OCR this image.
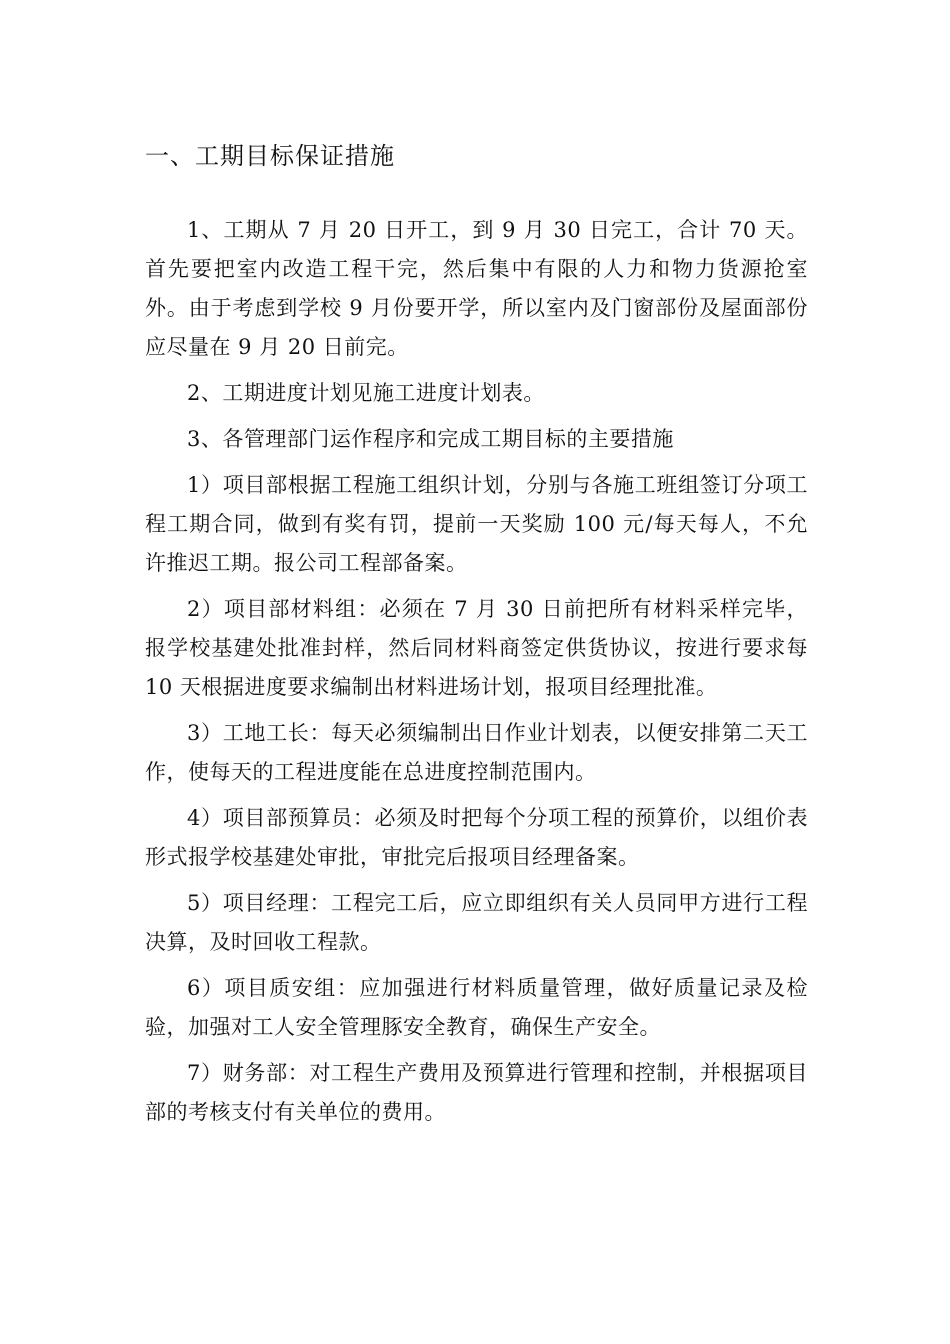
一、工期目标保证措施

1、工期从 7 月 20 日开工，到 9 月 30 日完工，合计 70 天。首先要把室内改造工程干完，然后集中有限的人力和物力货源抢室外。由于考虑到学校 9 月份要开学，所以室内及门窗部份及屋面部份应尽量在 9 月 20 日前完。

2、工期进度计划见施工进度计划表。

3、各管理部门运作程序和完成工期目标的主要措施

1）项目部根据工程施工组织计划，分别与各施工班组签订分项工程工期合同，做到有奖有罚，提前一天奖励 100 元/每天每人，不允许推迟工期。报公司工程部备案。

2）项目部材料组：必须在 7 月 30 日前把所有材料采样完毕，报学校基建处批准封样，然后同材料商签定供货协议，按进行要求每 10 天根据进度要求编制出材料进场计划，报项目经理批准。

3）工地工长：每天必须编制出日作业计划表，以便安排第二天工作，使每天的工程进度能在总进度控制范围内。

4）项目部预算员：必须及时把每个分项工程的预算价，以组价表形式报学校基建处审批，审批完后报项目经理备案。

5）项目经理：工程完工后，应立即组织有关人员同甲方进行工程决算，及时回收工程款。

6）项目质安组：应加强进行材料质量管理，做好质量记录及检验，加强对工人安全管理豚安全教育，确保生产安全。

7）财务部：对工程生产费用及预算进行管理和控制，并根据项目部的考核支付有关单位的费用。
